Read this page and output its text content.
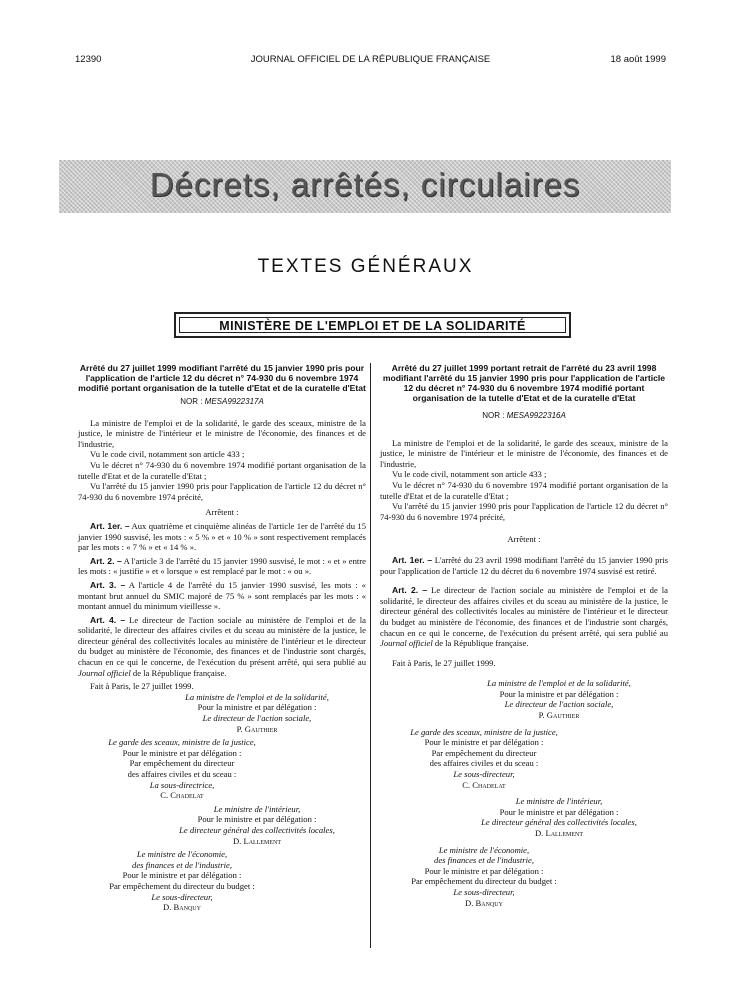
12390	JOURNAL OFFICIEL DE LA RÉPUBLIQUE FRANÇAISE	18 août 1999
Décrets, arrêtés, circulaires
TEXTES GÉNÉRAUX
MINISTÈRE DE L'EMPLOI ET DE LA SOLIDARITÉ
Arrêté du 27 juillet 1999 modifiant l'arrêté du 15 janvier 1990 pris pour l'application de l'article 12 du décret n° 74-930 du 6 novembre 1974 modifié portant organisation de la tutelle d'Etat et de la curatelle d'Etat
NOR : MESA9922317A

La ministre de l'emploi et de la solidarité, le garde des sceaux, ministre de la justice, le ministre de l'intérieur et le ministre de l'économie, des finances et de l'industrie,

Vu le code civil, notamment son article 433 ;

Vu le décret n° 74-930 du 6 novembre 1974 modifié portant organisation de la tutelle d'Etat et de la curatelle d'Etat ;

Vu l'arrêté du 15 janvier 1990 pris pour l'application de l'article 12 du décret n° 74-930 du 6 novembre 1974 précité,

Arrêtent :

Art. 1er. – Aux quatrième et cinquième alinéas de l'article 1er de l'arrêté du 15 janvier 1990 susvisé, les mots : « 5 % » et « 10 % » sont respectivement remplacés par les mots : « 7 % » et « 14 % ».

Art. 2. – A l'article 3 de l'arrêté du 15 janvier 1990 susvisé, le mot : « et » entre les mots : « justifie » et « lorsque » est remplacé par le mot : « ou ».

Art. 3. – A l'article 4 de l'arrêté du 15 janvier 1990 susvisé, les mots : « montant brut annuel du SMIC majoré de 75 % » sont remplacés par les mots : « montant annuel du minimum vieillesse ».

Art. 4. – Le directeur de l'action sociale au ministère de l'emploi et de la solidarité, le directeur des affaires civiles et du sceau au ministère de la justice, le directeur général des collectivités locales au ministère de l'intérieur et le directeur du budget au ministère de l'économie, des finances et de l'industrie sont chargés, chacun en ce qui le concerne, de l'exécution du présent arrêté, qui sera publié au Journal officiel de la République française.

Fait à Paris, le 27 juillet 1999.

La ministre de l'emploi et de la solidarité,

Pour la ministre et par délégation :

Le directeur de l'action sociale,

P. Gauthier

Le garde des sceaux, ministre de la justice,

Pour le ministre et par délégation :

Par empêchement du directeur

des affaires civiles et du sceau :

La sous-directrice,

C. Chadelat

Le ministre de l'intérieur,

Pour le ministre et par délégation :

Le directeur général des collectivités locales,

D. Lallement

Le ministre de l'économie,

des finances et de l'industrie,

Pour le ministre et par délégation :

Par empêchement du directeur du budget :

Le sous-directeur,

D. Banquy

Arrêté du 27 juillet 1999 portant retrait de l'arrêté du 23 avril 1998 modifiant l'arrêté du 15 janvier 1990 pris pour l'application de l'article 12 du décret n° 74-930 du 6 novembre 1974 modifié portant organisation de la tutelle d'Etat et de la curatelle d'Etat
NOR : MESA9922316A

La ministre de l'emploi et de la solidarité, le garde des sceaux, ministre de la justice, le ministre de l'intérieur et le ministre de l'économie, des finances et de l'industrie,

Vu le code civil, notamment son article 433 ;

Vu le décret n° 74-930 du 6 novembre 1974 modifié portant organisation de la tutelle d'Etat et de la curatelle d'Etat ;

Vu l'arrêté du 15 janvier 1990 pris pour l'application de l'article 12 du décret n° 74-930 du 6 novembre 1974 précité,

Arrêtent :

Art. 1er. – L'arrêté du 23 avril 1998 modifiant l'arrêté du 15 janvier 1990 pris pour l'application de l'article 12 du décret du 6 novembre 1974 susvisé est retiré.

Art. 2. – Le directeur de l'action sociale au ministère de l'emploi et de la solidarité, le directeur des affaires civiles et du sceau au ministère de la justice, le directeur général des collectivités locales au ministère de l'intérieur et le directeur du budget au ministère de l'économie, des finances et de l'industrie sont chargés, chacun en ce qui le concerne, de l'exécution du présent arrêté, qui sera publié au Journal officiel de la République française.

Fait à Paris, le 27 juillet 1999.

La ministre de l'emploi et de la solidarité,

Pour la ministre et par délégation :

Le directeur de l'action sociale,

P. Gauthier

Le garde des sceaux, ministre de la justice,

Pour le ministre et par délégation :

Par empêchement du directeur

des affaires civiles et du sceau :

Le sous-directeur,

C. Chadelat

Le ministre de l'intérieur,

Pour le ministre et par délégation :

Le directeur général des collectivités locales,

D. Lallement

Le ministre de l'économie,

des finances et de l'industrie,

Pour le ministre et par délégation :

Par empêchement du directeur du budget :

Le sous-directeur,

D. Banquy
